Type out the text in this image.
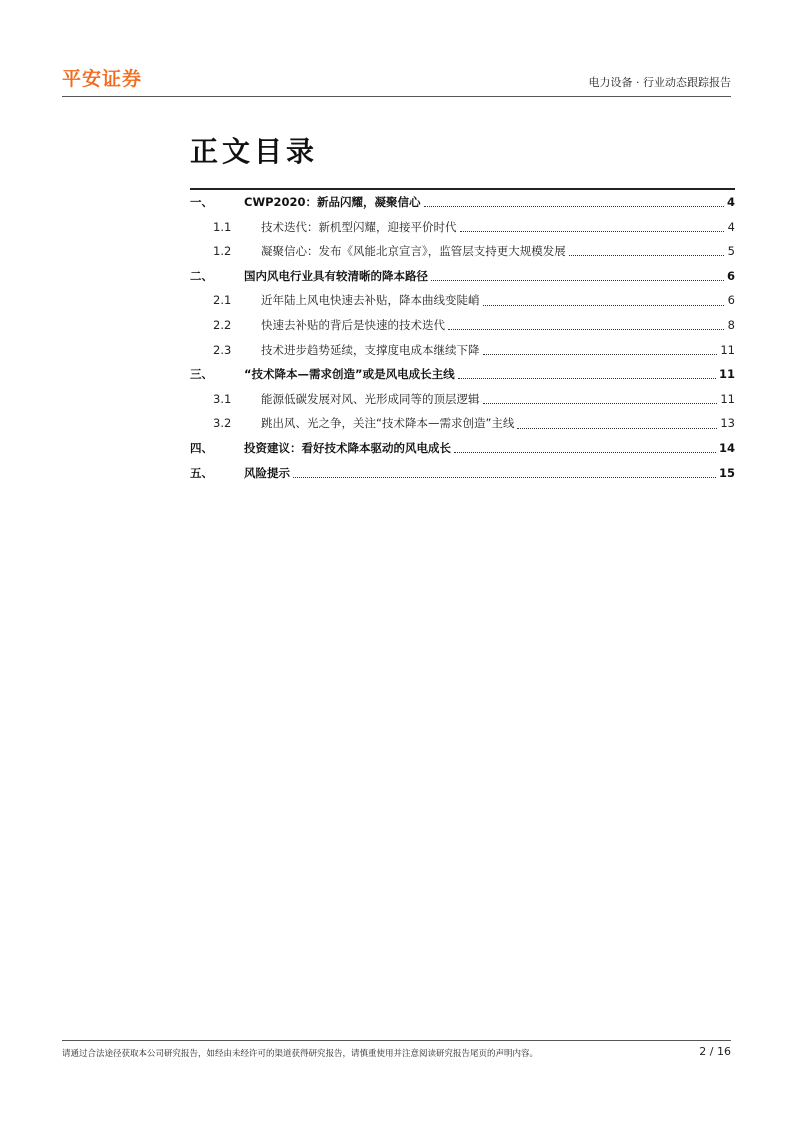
平安证券	电力设备 · 行业动态跟踪报告
正文目录
一、	CWP2020：新品闪耀，凝聚信心	4
1.1	技术迭代：新机型闪耀，迎接平价时代	4
1.2	凝聚信心：发布《风能北京宣言》，监管层支持更大规模发展	5
二、	国内风电行业具有较清晰的降本路径	6
2.1	近年陆上风电快速去补贴，降本曲线变陡峭	6
2.2	快速去补贴的背后是快速的技术迭代	8
2.3	技术进步趋势延续，支撑度电成本继续下降	11
三、	“技术降本—需求创造”或是风电成长主线	11
3.1	能源低碳发展对风、光形成同等的顶层逻辑	11
3.2	跳出风、光之争，关注“技术降本—需求创造”主线	13
四、	投资建议：看好技术降本驱动的风电成长	14
五、	风险提示	15
请通过合法途径获取本公司研究报告，如经由未经许可的渠道获得研究报告，请慎重使用并注意阅读研究报告尾页的声明内容。	2 / 16
